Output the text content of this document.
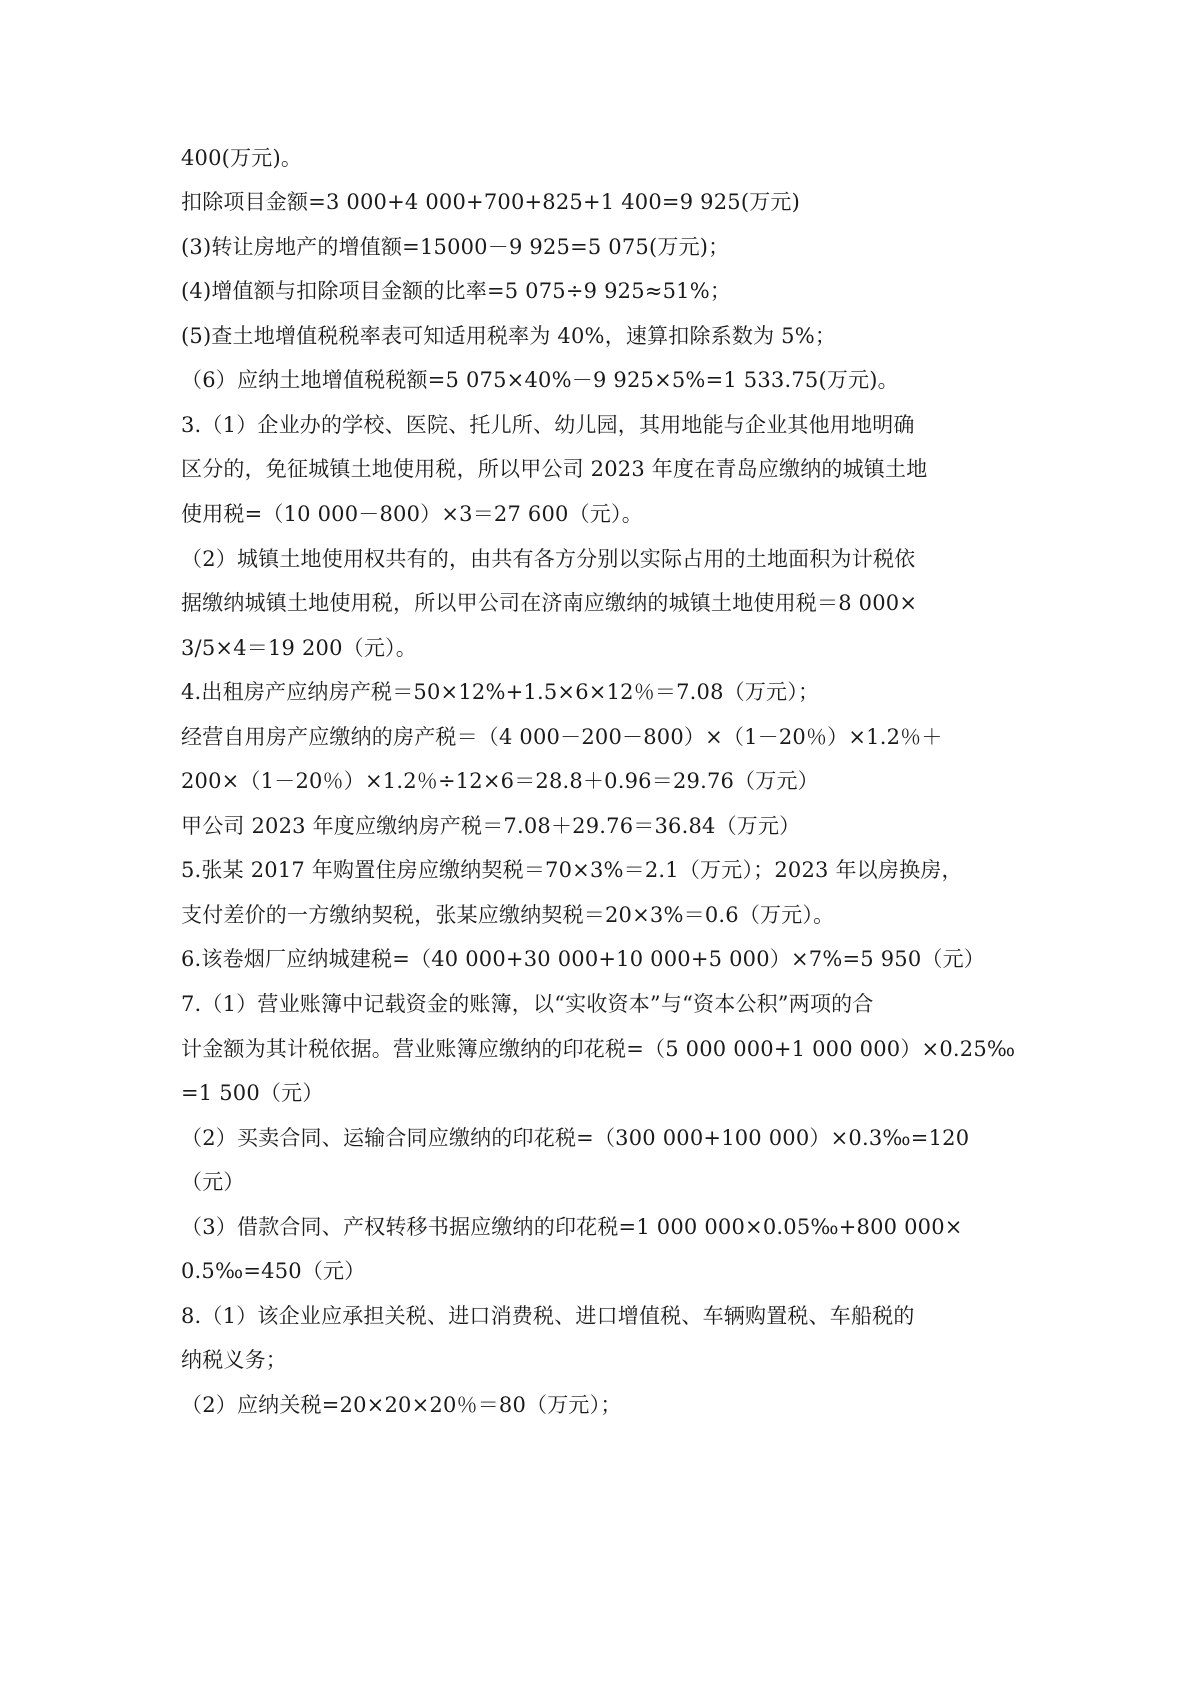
400(万元)。

扣除项目金额=3 000+4 000+700+825+1 400=9 925(万元)

(3)转让房地产的增值额=15000－9 925=5 075(万元)；

(4)增值额与扣除项目金额的比率=5 075÷9 925≈51%；

(5)查土地增值税税率表可知适用税率为 40%，速算扣除系数为 5%；

（6）应纳土地增值税税额=5 075×40%－9 925×5%=1 533.75(万元)。

3.（1）企业办的学校、医院、托儿所、幼儿园，其用地能与企业其他用地明确

区分的，免征城镇土地使用税，所以甲公司 2023 年度在青岛应缴纳的城镇土地

使用税=（10 000－800）×3＝27 600（元）。

（2）城镇土地使用权共有的，由共有各方分别以实际占用的土地面积为计税依

据缴纳城镇土地使用税，所以甲公司在济南应缴纳的城镇土地使用税＝8 000×

3/5×4＝19 200（元）。

4.出租房产应纳房产税＝50×12%+1.5×6×12％＝7.08（万元）；

经营自用房产应缴纳的房产税＝（4 000－200－800）×（1－20％）×1.2％＋

200×（1－20％）×1.2％÷12×6＝28.8＋0.96＝29.76（万元）

甲公司 2023 年度应缴纳房产税＝7.08＋29.76＝36.84（万元）

5.张某 2017 年购置住房应缴纳契税＝70×3%＝2.1（万元）；2023 年以房换房，

支付差价的一方缴纳契税，张某应缴纳契税＝20×3%＝0.6（万元）。

6.该卷烟厂应纳城建税=（40 000+30 000+10 000+5 000）×7%=5 950（元）

7.（1）营业账簿中记载资金的账簿，以“实收资本”与“资本公积”两项的合

计金额为其计税依据。营业账簿应缴纳的印花税=（5 000 000+1 000 000）×0.25‰

=1 500（元）

（2）买卖合同、运输合同应缴纳的印花税=（300 000+100 000）×0.3‰=120

（元）

（3）借款合同、产权转移书据应缴纳的印花税=1 000 000×0.05‰+800 000×

0.5‰=450（元）

8.（1）该企业应承担关税、进口消费税、进口增值税、车辆购置税、车船税的

纳税义务；

（2）应纳关税=20×20×20％＝80（万元）；
